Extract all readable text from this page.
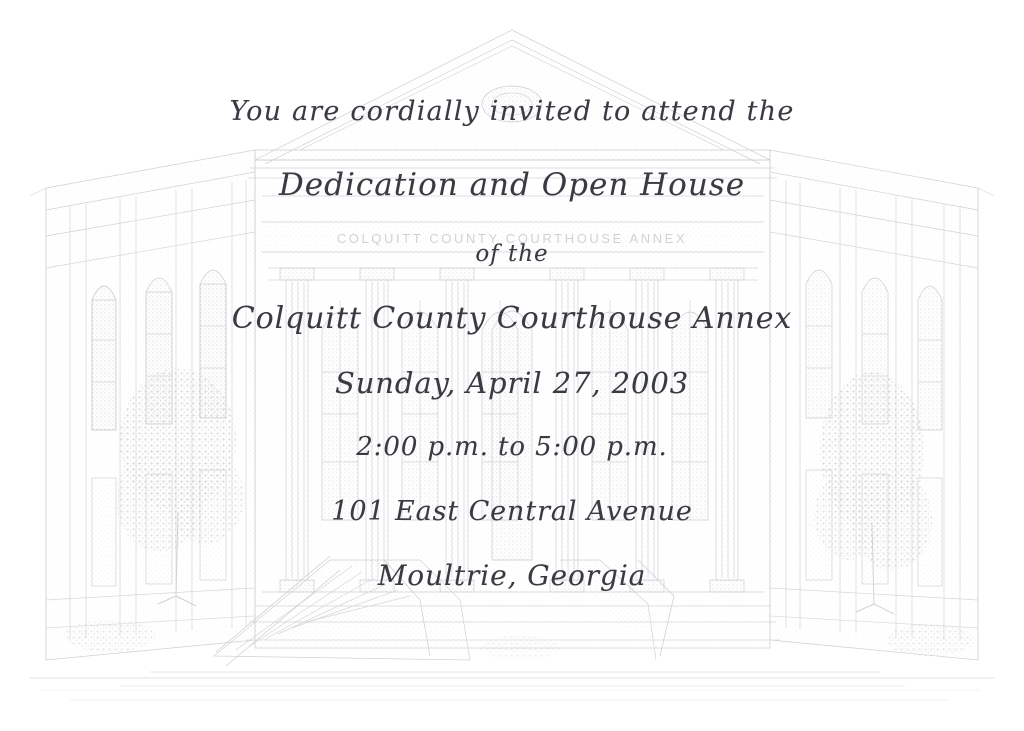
COLQUITT COUNTY COURTHOUSE ANNEX
You are cordially invited to attend the
Dedication and Open House
of the
Colquitt County Courthouse Annex
Sunday, April 27, 2003
2:00 p.m. to 5:00 p.m.
101 East Central Avenue
Moultrie, Georgia
